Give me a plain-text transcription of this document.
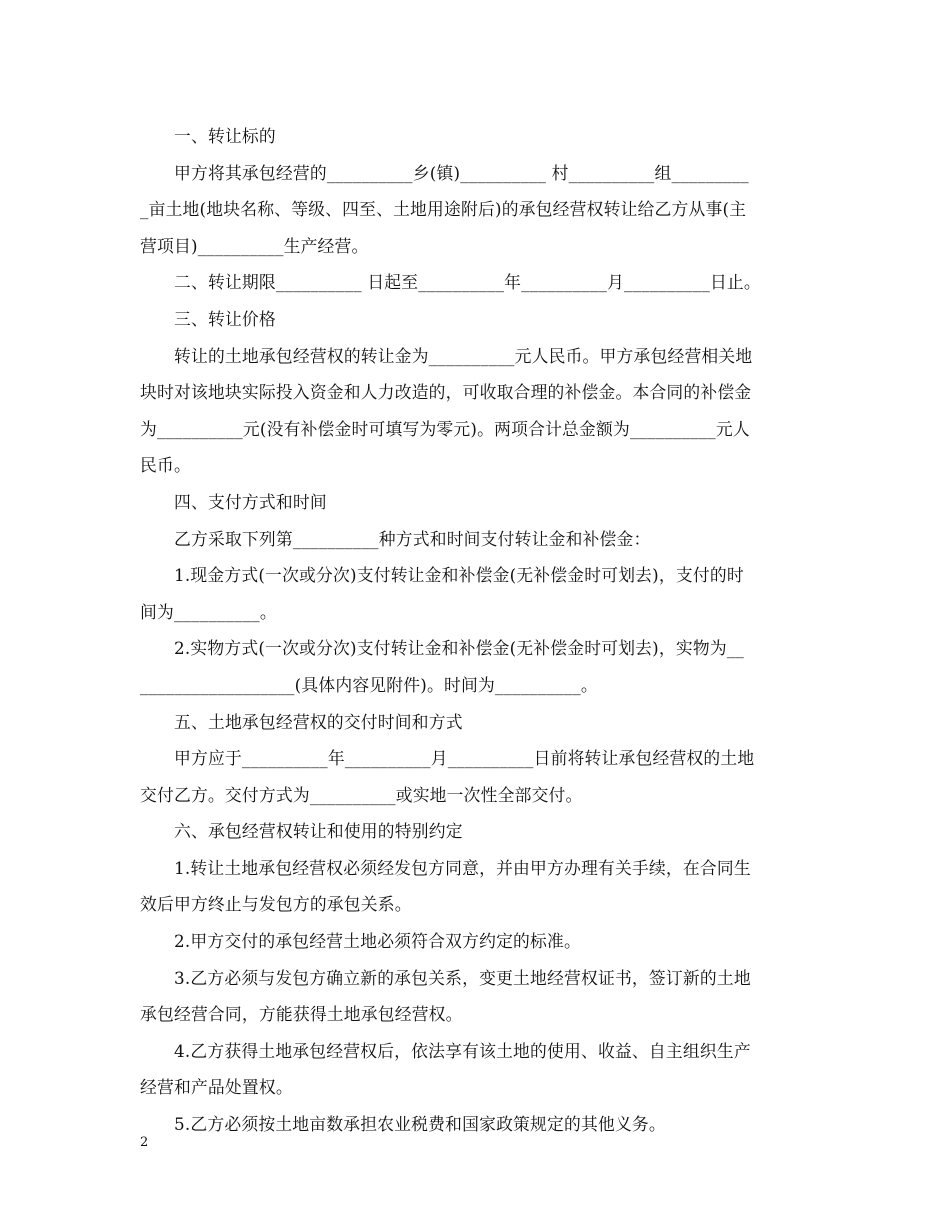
一、转让标的
甲方将其承包经营的__________乡(镇)__________ 村__________组_________
_亩土地(地块名称、等级、四至、土地用途附后)的承包经营权转让给乙方从事(主
营项目)__________生产经营。
二、转让期限__________ 日起至__________年__________月__________日止。
三、转让价格
转让的土地承包经营权的转让金为__________元人民币。甲方承包经营相关地
块时对该地块实际投入资金和人力改造的，可收取合理的补偿金。本合同的补偿金
为__________元(没有补偿金时可填写为零元)。两项合计总金额为__________元人
民币。
四、支付方式和时间
乙方采取下列第__________种方式和时间支付转让金和补偿金：
1.现金方式(一次或分次)支付转让金和补偿金(无补偿金时可划去)，支付的时
间为__________。
2.实物方式(一次或分次)支付转让金和补偿金(无补偿金时可划去)，实物为__
__________________(具体内容见附件)。时间为__________。
五、土地承包经营权的交付时间和方式
甲方应于__________年__________月__________日前将转让承包经营权的土地
交付乙方。交付方式为__________或实地一次性全部交付。
六、承包经营权转让和使用的特别约定
1.转让土地承包经营权必须经发包方同意，并由甲方办理有关手续，在合同生
效后甲方终止与发包方的承包关系。
2.甲方交付的承包经营土地必须符合双方约定的标准。
3.乙方必须与发包方确立新的承包关系，变更土地经营权证书，签订新的土地
承包经营合同，方能获得土地承包经营权。
4.乙方获得土地承包经营权后，依法享有该土地的使用、收益、自主组织生产
经营和产品处置权。
5.乙方必须按土地亩数承担农业税费和国家政策规定的其他义务。
2
